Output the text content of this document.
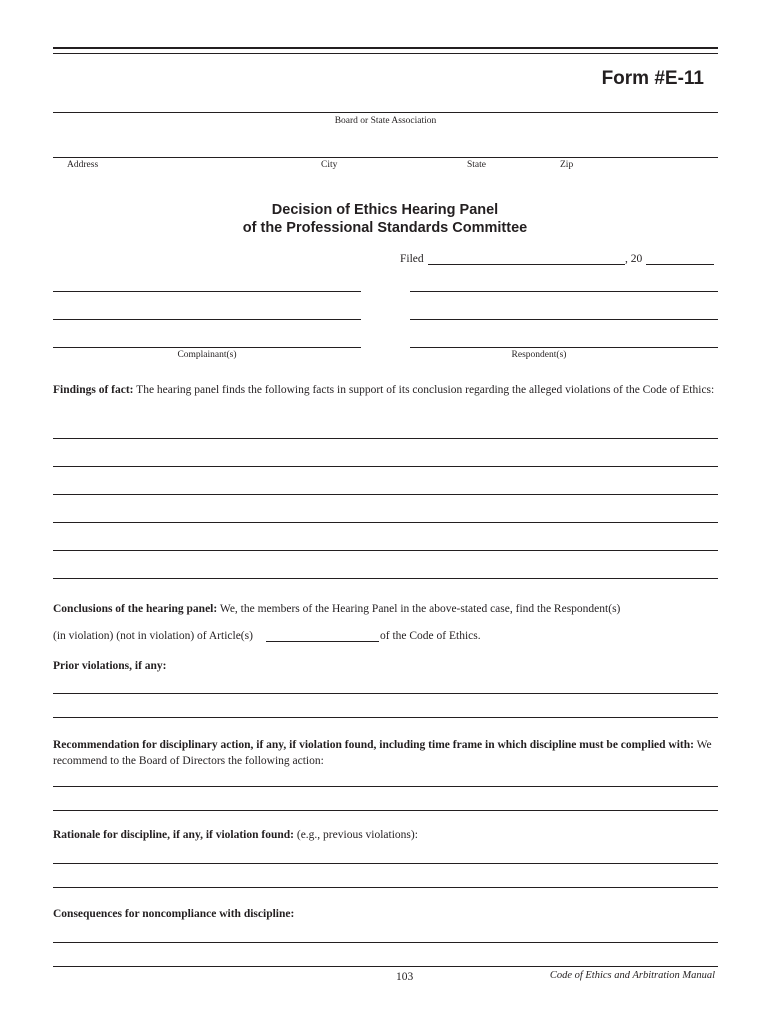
Form #E-11
Board or State Association
Address	City	State	Zip
Decision of Ethics Hearing Panel
of the Professional Standards Committee
Filed	, 20
Complainant(s)	Respondent(s)
Findings of fact: The hearing panel finds the following facts in support of its conclusion regarding the alleged violations of the Code of Ethics:
Conclusions of the hearing panel: We, the members of the Hearing Panel in the above-stated case, find the Respondent(s)
(in violation) (not in violation) of Article(s)	of the Code of Ethics.
Prior violations, if any:
Recommendation for disciplinary action, if any, if violation found, including time frame in which discipline must be complied with: We recommend to the Board of Directors the following action:
Rationale for discipline, if any, if violation found: (e.g., previous violations):
Consequences for noncompliance with discipline:
103	Code of Ethics and Arbitration Manual
